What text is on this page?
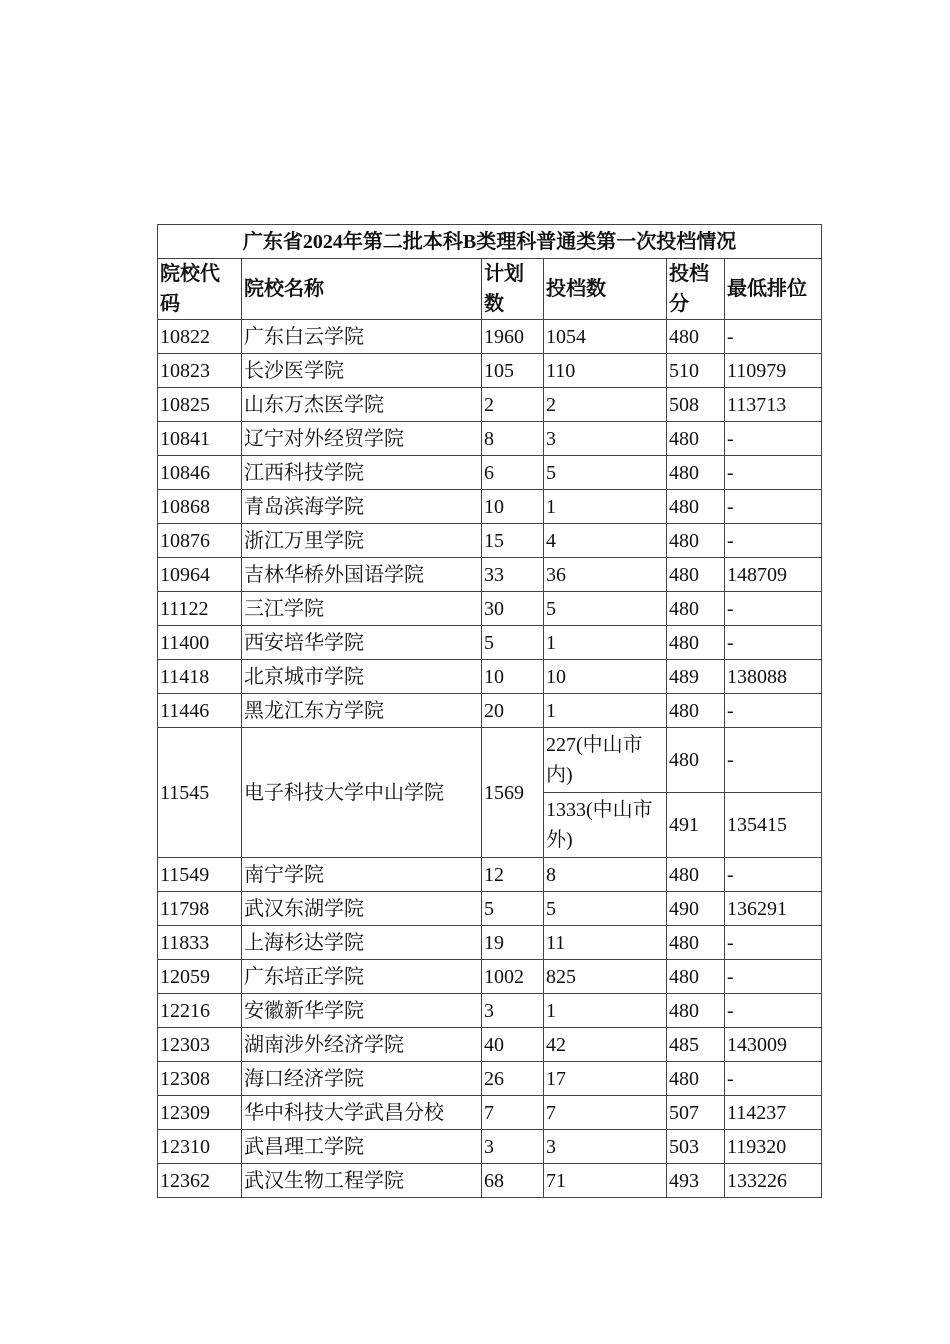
广东省2024年第二批本科B类理科普通类第一次投档情况					
院校代码	院校名称	计划数	投档数	投档分	最低排位
10822	广东白云学院	1960	1054	480	-
10823	长沙医学院	105	110	510	110979
10825	山东万杰医学院	2	2	508	113713
10841	辽宁对外经贸学院	8	3	480	-
10846	江西科技学院	6	5	480	-
10868	青岛滨海学院	10	1	480	-
10876	浙江万里学院	15	4	480	-
10964	吉林华桥外国语学院	33	36	480	148709
11122	三江学院	30	5	480	-
11400	西安培华学院	5	1	480	-
11418	北京城市学院	10	10	489	138088
11446	黑龙江东方学院	20	1	480	-
11545	电子科技大学中山学院	1569	227(中山市内)	480	-
			1333(中山市外)	491	135415
11549	南宁学院	12	8	480	-
11798	武汉东湖学院	5	5	490	136291
11833	上海杉达学院	19	11	480	-
12059	广东培正学院	1002	825	480	-
12216	安徽新华学院	3	1	480	-
12303	湖南涉外经济学院	40	42	485	143009
12308	海口经济学院	26	17	480	-
12309	华中科技大学武昌分校	7	7	507	114237
12310	武昌理工学院	3	3	503	119320
12362	武汉生物工程学院	68	71	493	133226
